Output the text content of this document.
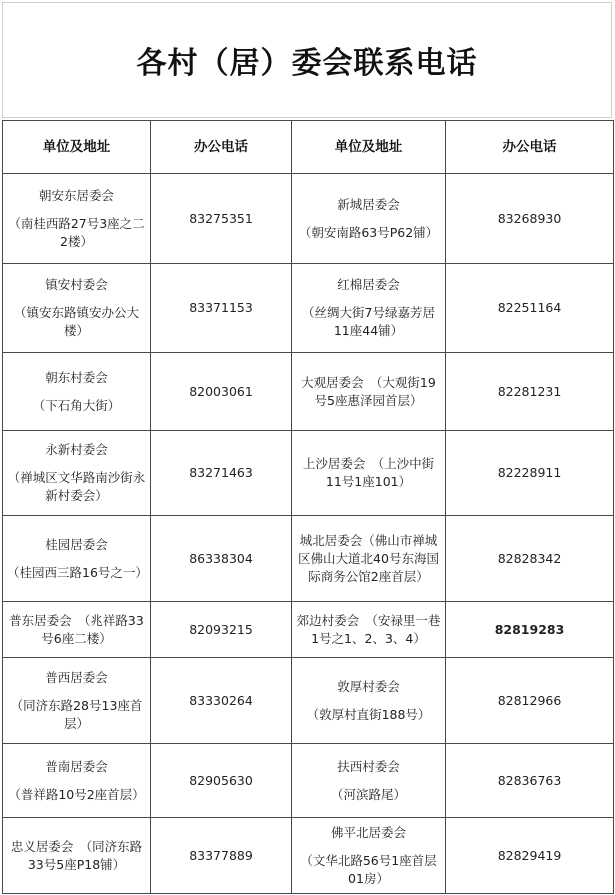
各村（居）委会联系电话
单位及地址	办公电话	单位及地址	办公电话

朝安东居委会
（南桂西路27号3座之二2楼）	83275351	新城居委会
（朝安南路63号P62铺）	83268930

镇安村委会
（镇安东路镇安办公大楼）	83371153	红棉居委会
（丝绸大街7号绿嘉芳居11座44铺）	82251164

朝东村委会
（下石角大街）	82003061	大观居委会　（大观街19号5座惠泽园首层）	82281231

永新村委会
（禅城区文华路南沙街永新村委会）	83271463	上沙居委会　（上沙中街11号1座101）	82228911

桂园居委会
（桂园西三路16号之一）	86338304	城北居委会（佛山市禅城区佛山大道北40号东海国际商务公馆2座首层）	82828342

普东居委会　（兆祥路33号6座二楼）	82093215	郊边村委会　（安禄里一巷1号之1、2、3、4）	82819283

普西居委会
（同济东路28号13座首层）	83330264	敦厚村委会
（敦厚村直街188号）	82812966

普南居委会
（普祥路10号2座首层）	82905630	扶西村委会
（河滨路尾）	82836763

忠义居委会　（同济东路33号5座P18铺）	83377889	佛平北居委会
（文华北路56号1座首层01房）	82829419
